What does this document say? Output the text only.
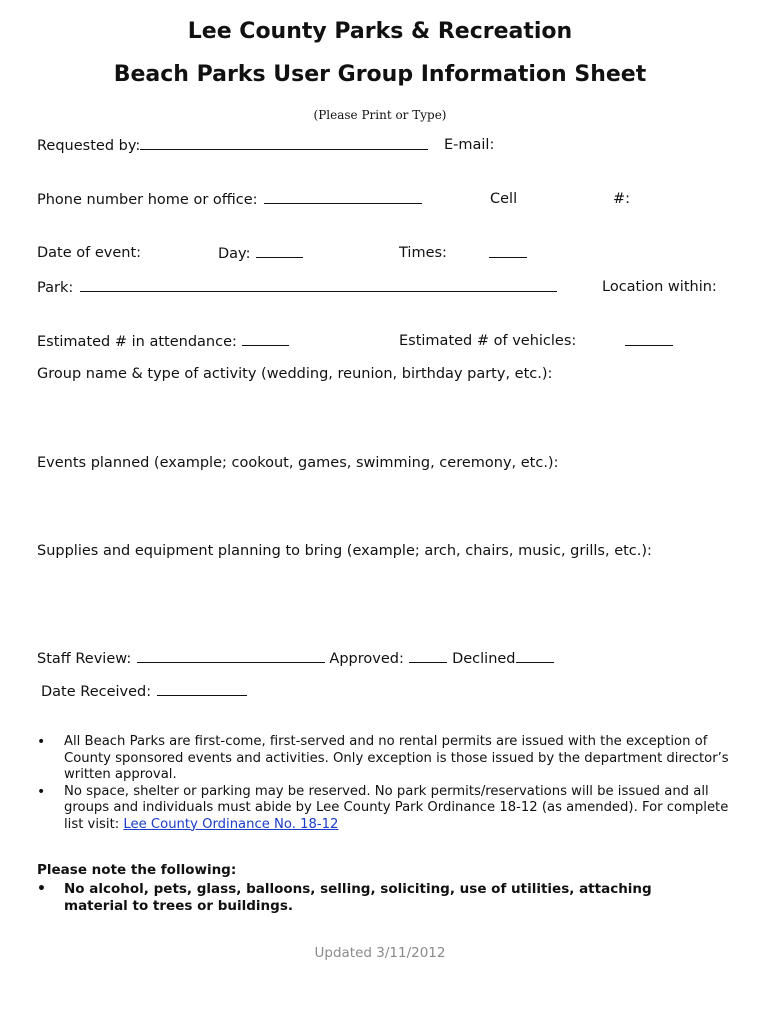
Lee County Parks & Recreation
Beach Parks User Group Information Sheet
(Please Print or Type)
Requested by:	E-mail:
Phone number home or office:	Cell	#:
Date of event:	Day:	Times:
Park:	Location within:
Estimated # in attendance:	Estimated # of vehicles:
Group name & type of activity (wedding, reunion, birthday party, etc.):
Events planned (example; cookout, games, swimming, ceremony, etc.):
Supplies and equipment planning to bring (example; arch, chairs, music, grills, etc.):
Staff Review:	Approved:	Declined
Date Received:
• All Beach Parks are first-come, first-served and no rental permits are issued with the exception of County sponsored events and activities. Only exception is those issued by the department director’s written approval.
• No space, shelter or parking may be reserved. No park permits/reservations will be issued and all groups and individuals must abide by Lee County Park Ordinance 18-12 (as amended). For complete list visit: Lee County Ordinance No. 18-12
Please note the following:
• No alcohol, pets, glass, balloons, selling, soliciting, use of utilities, attaching material to trees or buildings.
Updated 3/11/2012
